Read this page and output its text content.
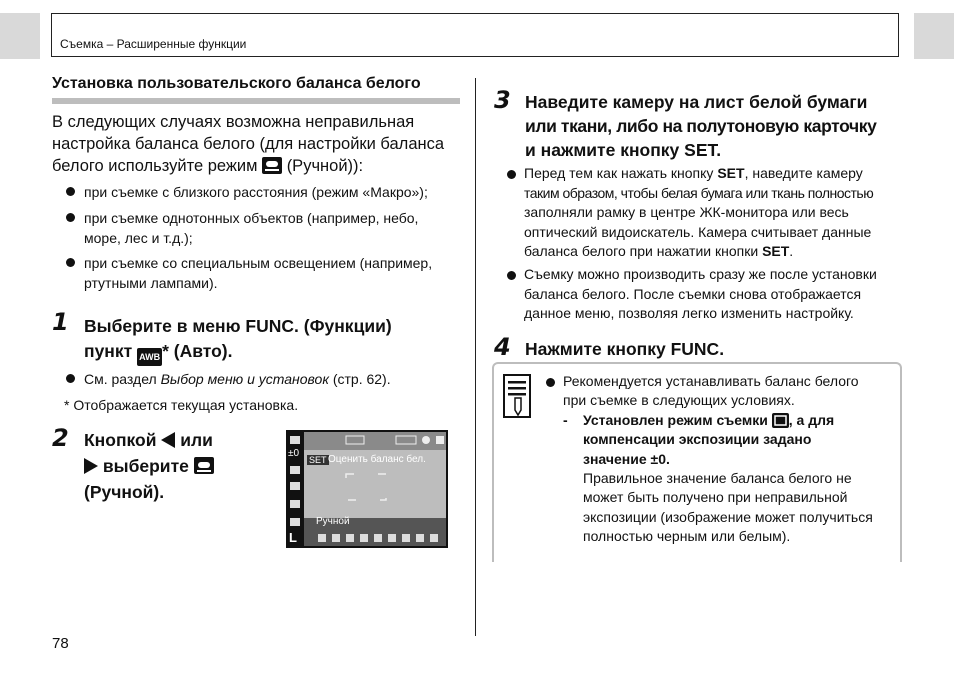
Съемка – Расширенные функции
Установка пользовательского баланса белого
В следующих случаях возможна неправильная
настройка баланса белого (для настройки баланса
белого используйте режим (Ручной)):
при съемке с близкого расстояния (режим «Макро»);
при съемке однотонных объектов (например, небо,
море, лес и т.д.);
при съемке со специальным освещением (например,
ртутными лампами).
1 Выберите в меню FUNC. (Функции)
пункт AWB * (Авто).
См. раздел Выбор меню и установок (стр. 62).
* Отображается текущая установка.
2 Кнопкой или
выберите
(Ручной).
SET Оценить баланс бел.
±0
Ручной
L
3 Наведите камеру на лист белой бумаги
или ткани, либо на полутоновую карточку
и нажмите кнопку SET.
Перед тем как нажать кнопку SET, наведите камеру
таким образом, чтобы белая бумага или ткань полностью
заполняли рамку в центре ЖК-монитора или весь
оптический видоискатель. Камера считывает данные
баланса белого при нажатии кнопки SET.
Съемку можно производить сразу же после установки
баланса белого. После съемки снова отображается
данное меню, позволяя легко изменить настройку.
4 Нажмите кнопку FUNC.
Рекомендуется устанавливать баланс белого
при съемке в следующих условиях.
- Установлен режим съемки , а для
компенсации экспозиции задано
значение ±0.
Правильное значение баланса белого не
может быть получено при неправильной
экспозиции (изображение может получиться
полностью черным или белым).
78
